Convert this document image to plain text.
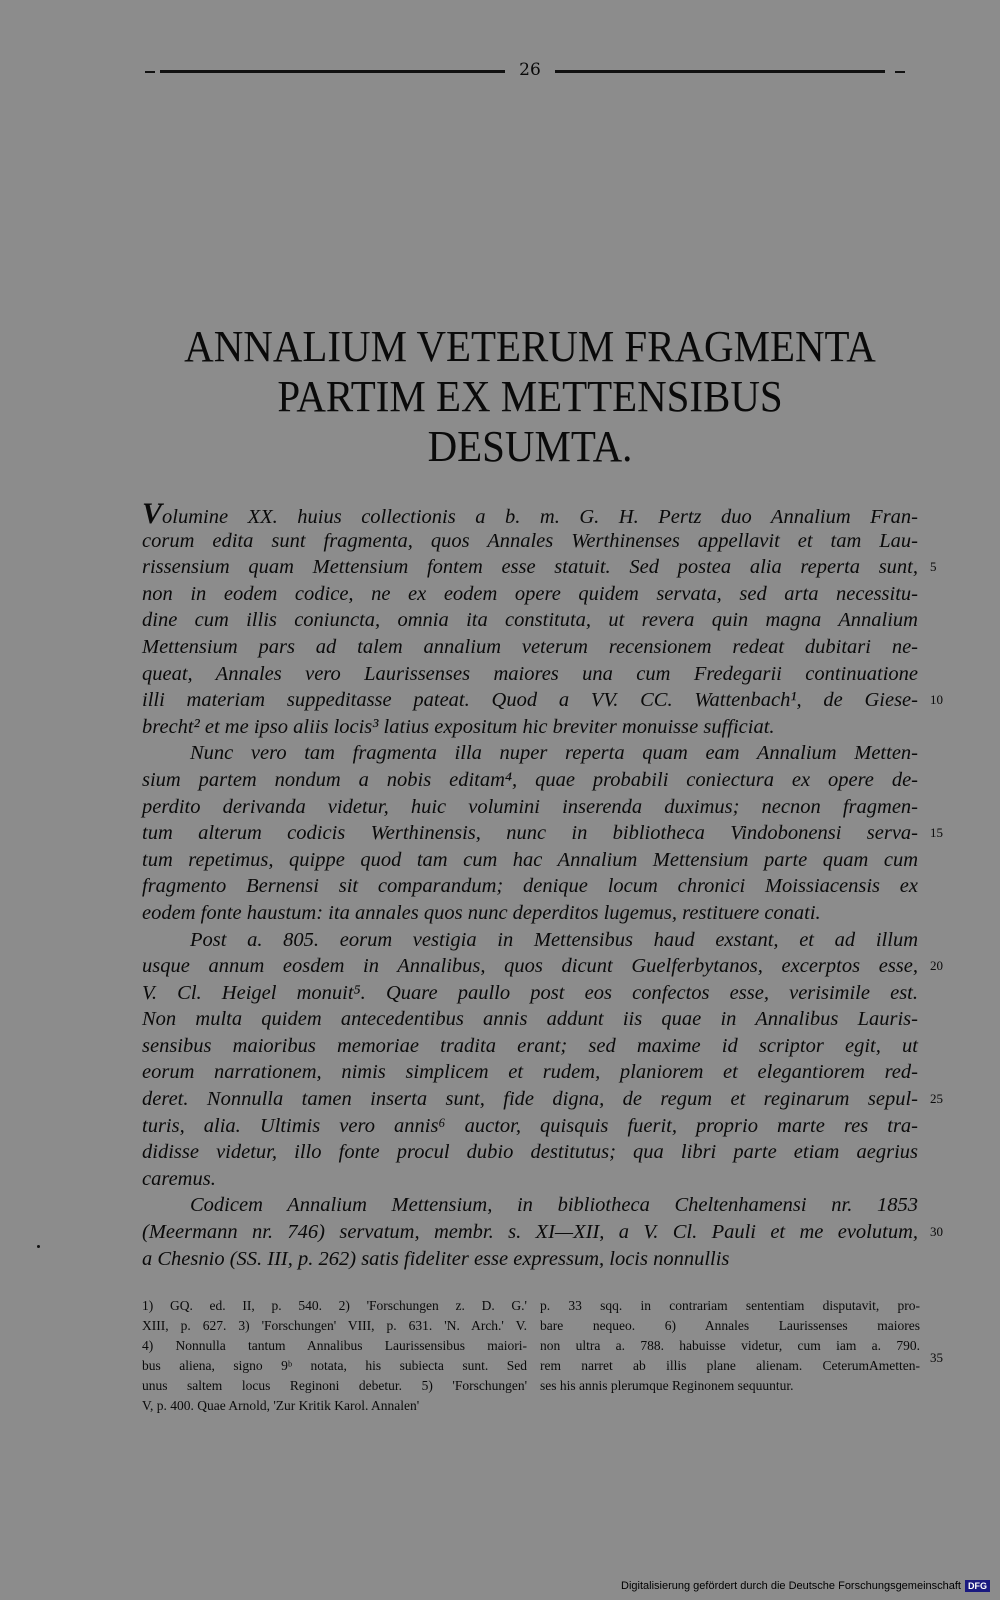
26
ANNALIUM VETERUM FRAGMENTA
PARTIM EX METTENSIBUS
DESUMTA.
Volumine XX. huius collectionis a b. m. G. H. Pertz duo Annalium Fran-
corum edita sunt fragmenta, quos Annales Werthinenses appellavit et tam Lau-
rissensium quam Mettensium fontem esse statuit. Sed postea alia reperta sunt, 5
non in eodem codice, ne ex eodem opere quidem servata, sed arta necessitu-
dine cum illis coniuncta, omnia ita constituta, ut revera quin magna Annalium
Mettensium pars ad talem annalium veterum recensionem redeat dubitari ne-
queat, Annales vero Laurissenses maiores una cum Fredegarii continuatione
illi materiam suppeditasse pateat. Quod a VV. CC. Wattenbach¹, de Giese- 10
brecht² et me ipso aliis locis³ latius expositum hic breviter monuisse sufficiat.
Nunc vero tam fragmenta illa nuper reperta quam eam Annalium Metten-
sium partem nondum a nobis editam⁴, quae probabili coniectura ex opere de-
perdito derivanda videtur, huic volumini inserenda duximus; necnon fragmen-
tum alterum codicis Werthinensis, nunc in bibliotheca Vindobonensi serva- 15
tum repetimus, quippe quod tam cum hac Annalium Mettensium parte quam cum
fragmento Bernensi sit comparandum; denique locum chronici Moissiacensis ex
eodem fonte haustum: ita annales quos nunc deperditos lugemus, restituere conati.
Post a. 805. eorum vestigia in Mettensibus haud exstant, et ad illum
usque annum eosdem in Annalibus, quos dicunt Guelferbytanos, excerptos esse, 20
V. Cl. Heigel monuit⁵. Quare paullo post eos confectos esse, verisimile est.
Non multa quidem antecedentibus annis addunt iis quae in Annalibus Lauris-
sensibus maioribus memoriae tradita erant; sed maxime id scriptor egit, ut
eorum narrationem, nimis simplicem et rudem, planiorem et elegantiorem red-
deret. Nonnulla tamen inserta sunt, fide digna, de regum et reginarum sepul- 25
turis, alia. Ultimis vero annis⁶ auctor, quisquis fuerit, proprio marte res tra-
didisse videtur, illo fonte procul dubio destitutus; qua libri parte etiam aegrius
caremus.
Codicem Annalium Mettensium, in bibliotheca Cheltenhamensi nr. 1853
(Meermann nr. 746) servatum, membr. s. XI—XII, a V. Cl. Pauli et me evolutum, 30
a Chesnio (SS. III, p. 262) satis fideliter esse expressum, locis nonnullis
1) GQ. ed. II, p. 540. 2) 'Forschungen z. D. G.'
XIII, p. 627. 3) 'Forschungen' VIII, p. 631. 'N. Arch.' V.
4) Nonnulla tantum Annalibus Laurissensibus maiori-
bus aliena, signo 9ᵇ notata, his subiecta sunt. Sed
unus saltem locus Reginoni debetur. 5) 'Forschungen'
V, p. 400. Quae Arnold, 'Zur Kritik Karol. Annalen'
p. 33 sqq. in contrariam sententiam disputavit, pro-
bare nequeo. 6) Annales Laurissenses maiores
non ultra a. 788. habuisse videtur, cum iam a. 790.
rem narret ab illis plane alienam. CeterumAmetten-
ses his annis plerumque Reginonem sequuntur.
35
Digitalisierung gefördert durch die Deutsche Forschungsgemeinschaft DFG
